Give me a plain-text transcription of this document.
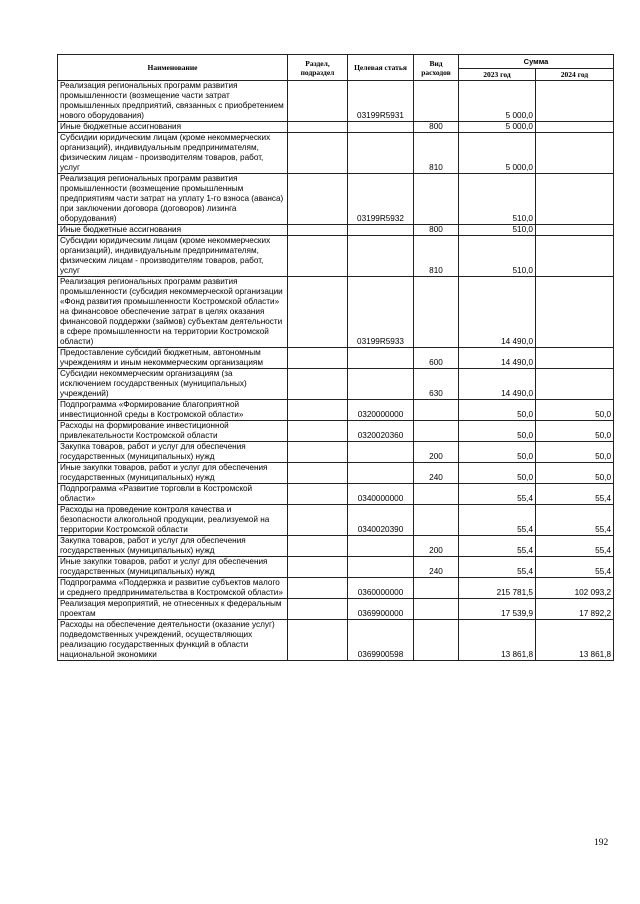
Наименование	Раздел, подраздел	Целевая статья	Вид расходов	Сумма	
				2023 год	2024 год
Реализация региональных программ развития промышленности (возмещение части затрат промышленных предприятий, связанных с приобретением нового оборудования)		03199R5931		5 000,0	
Иные бюджетные ассигнования			800	5 000,0	
Субсидии юридическим лицам (кроме некоммерческих организаций), индивидуальным предпринимателям, физическим лицам - производителям товаров, работ, услуг			810	5 000,0	
Реализация региональных программ развития промышленности (возмещение промышленным предприятиям части затрат на уплату 1-го взноса (аванса) при заключении договора (договоров) лизинга оборудования)		03199R5932		510,0	
Иные бюджетные ассигнования			800	510,0	
Субсидии юридическим лицам (кроме некоммерческих организаций), индивидуальным предпринимателям, физическим лицам - производителям товаров, работ, услуг			810	510,0	
Реализация региональных программ развития промышленности (субсидия некоммерческой организации «Фонд развития промышленности Костромской области» на финансовое обеспечение затрат в целях оказания финансовой поддержки (займов) субъектам деятельности в сфере промышленности на территории Костромской области)		03199R5933		14 490,0	
Предоставление субсидий бюджетным, автономным учреждениям и иным некоммерческим организациям			600	14 490,0	
Субсидии некоммерческим организациям (за исключением государственных (муниципальных) учреждений)			630	14 490,0	
Подпрограмма «Формирование благоприятной инвестиционной среды в Костромской области»		0320000000		50,0	50,0
Расходы на формирование инвестиционной привлекательности Костромской области		0320020360		50,0	50,0
Закупка товаров, работ и услуг для обеспечения государственных (муниципальных) нужд			200	50,0	50,0
Иные закупки товаров, работ и услуг для обеспечения государственных (муниципальных) нужд			240	50,0	50,0
Подпрограмма «Развитие торговли в Костромской области»		0340000000		55,4	55,4
Расходы на проведение контроля качества и безопасности алкогольной продукции, реализуемой на территории Костромской области		0340020390		55,4	55,4
Закупка товаров, работ и услуг для обеспечения государственных (муниципальных) нужд			200	55,4	55,4
Иные закупки товаров, работ и услуг для обеспечения государственных (муниципальных) нужд			240	55,4	55,4
Подпрограмма «Поддержка и развитие субъектов малого и среднего предпринимательства в Костромской области»		0360000000		215 781,5	102 093,2
Реализация мероприятий, не отнесенных к федеральным проектам		0369900000		17 539,9	17 892,2
Расходы на обеспечение деятельности (оказание услуг) подведомственных учреждений, осуществляющих реализацию государственных функций в области национальной экономики		0369900598		13 861,8	13 861,8
192
